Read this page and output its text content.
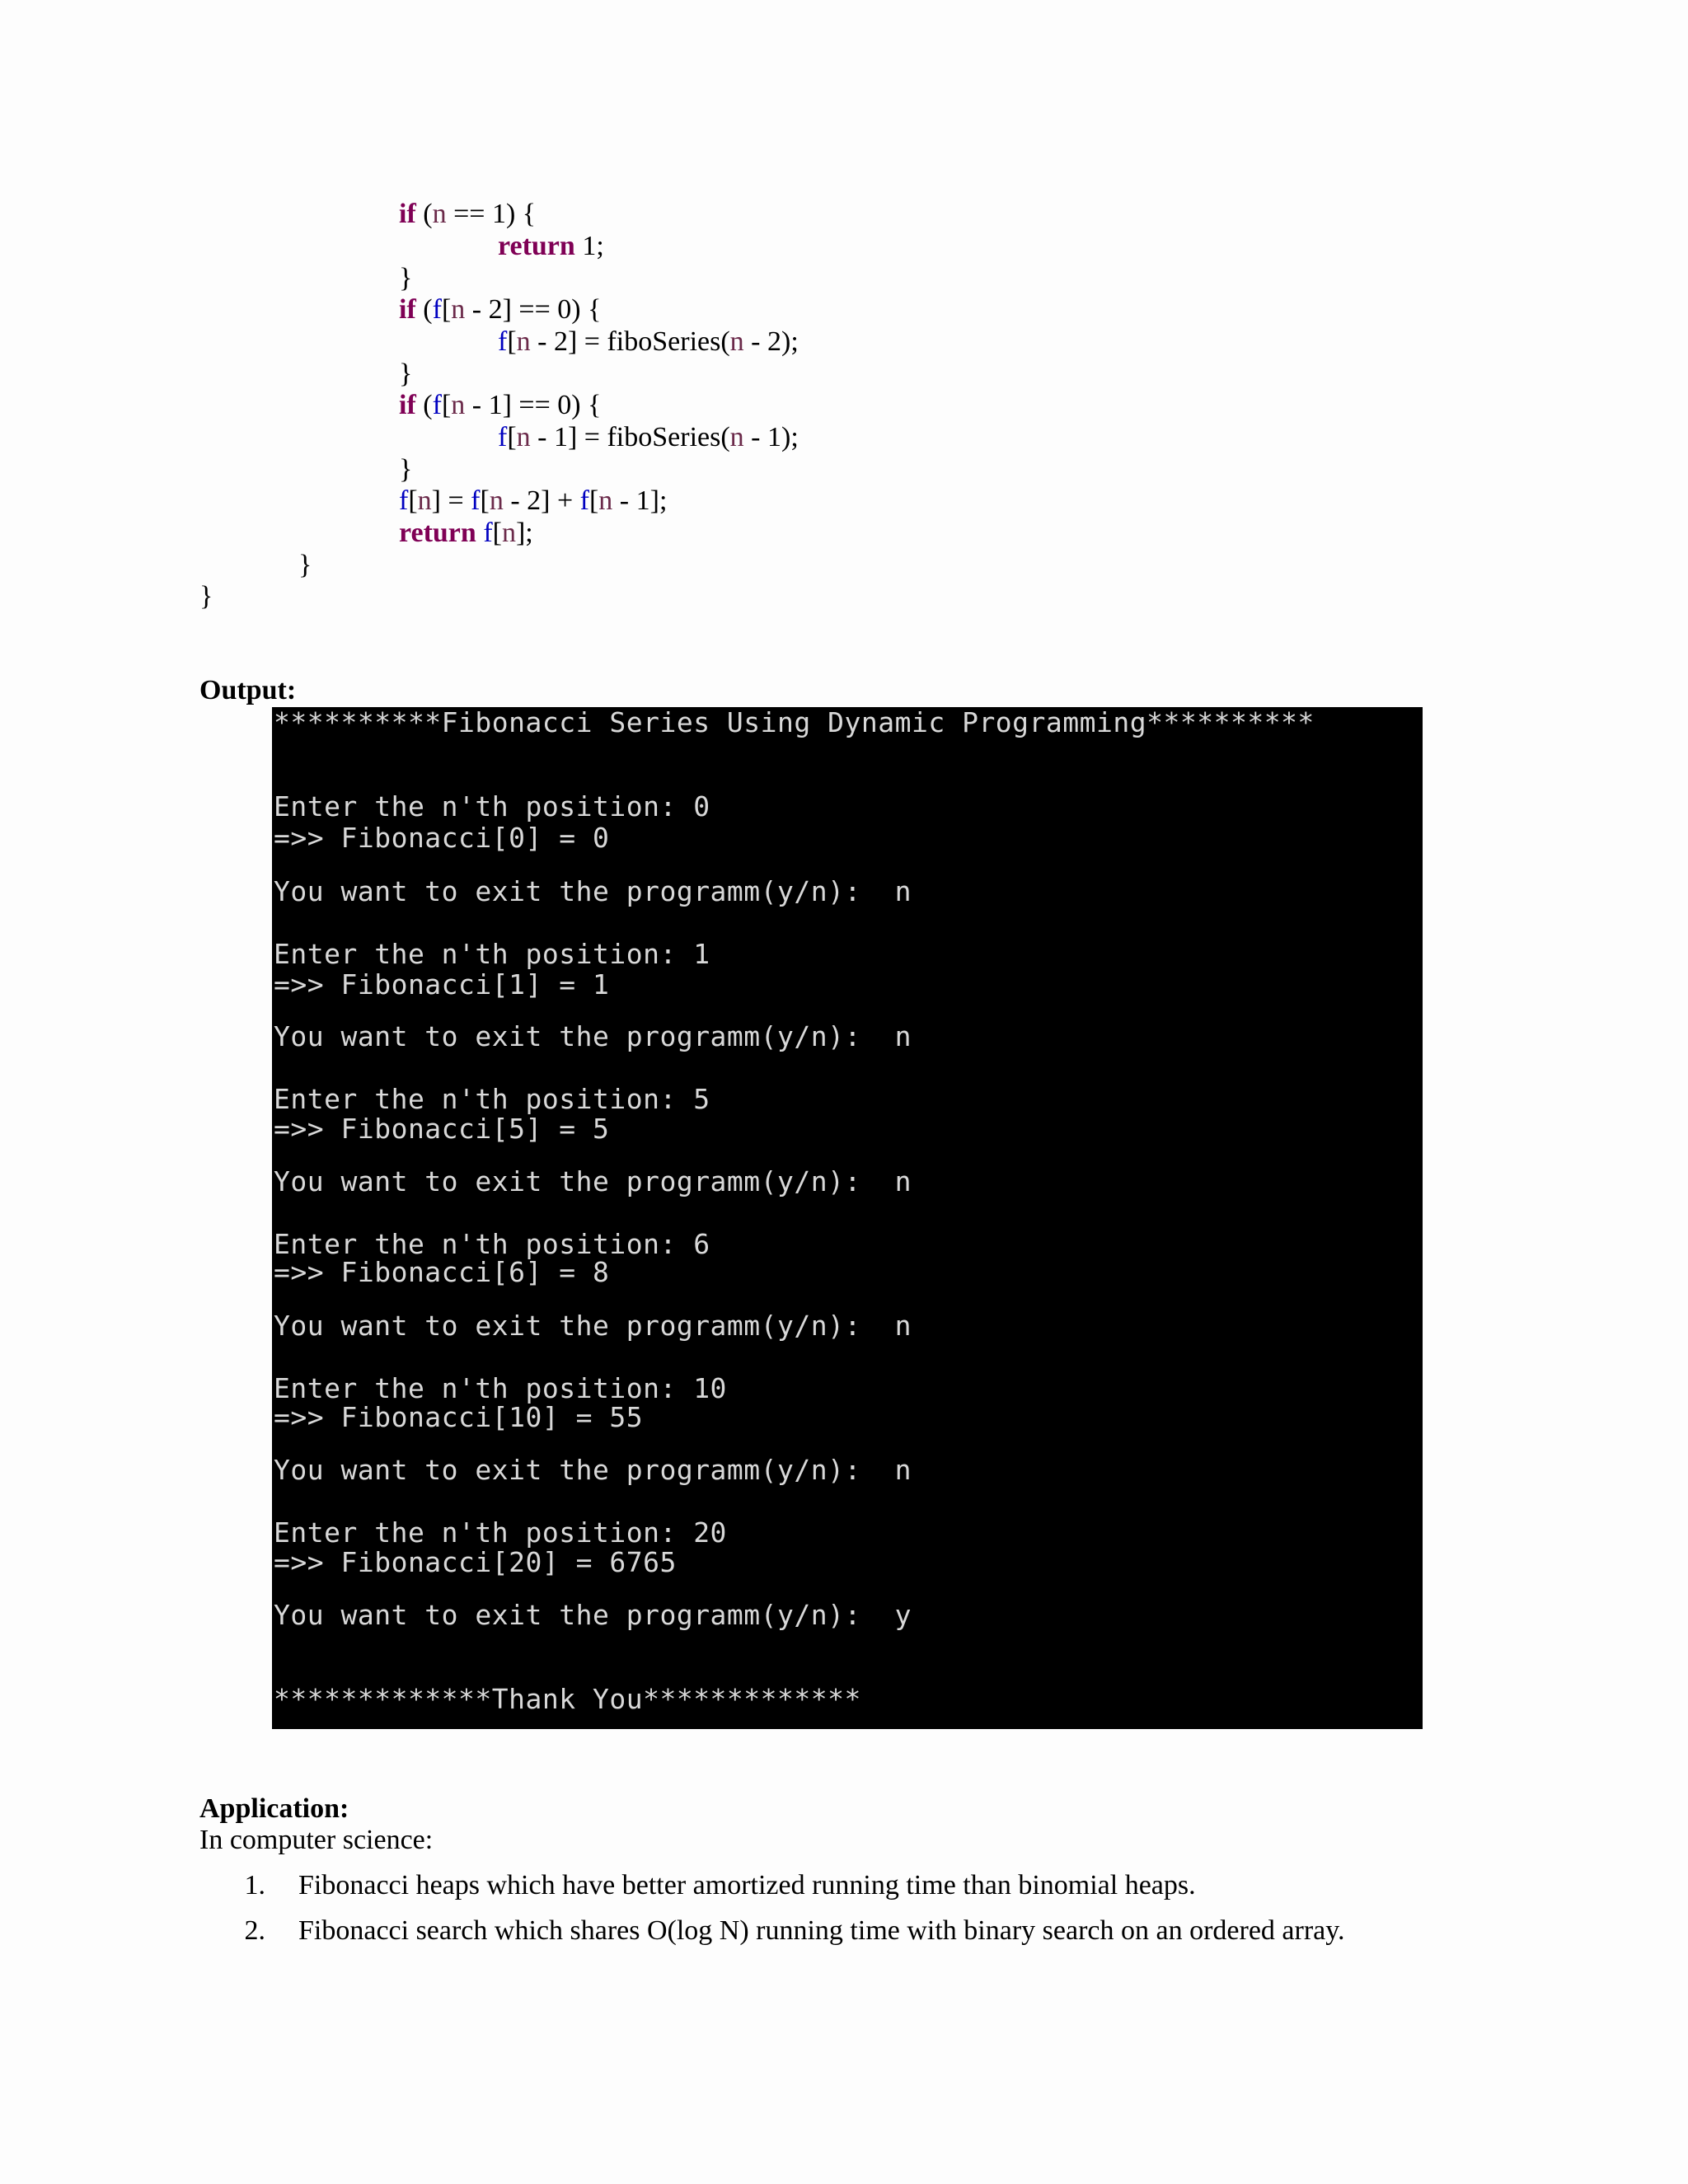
if (n == 1) {
return 1;
}
if (f[n - 2] == 0) {
f[n - 2] = fiboSeries(n - 2);
}
if (f[n - 1] == 0) {
f[n - 1] = fiboSeries(n - 1);
}
f[n] = f[n - 2] + f[n - 1];
return f[n];
}
}
Output:
**********Fibonacci Series Using Dynamic Programming**********
Enter the n'th position: 0
=>> Fibonacci[0] = 0
You want to exit the programm(y/n):  n
Enter the n'th position: 1
=>> Fibonacci[1] = 1
You want to exit the programm(y/n):  n
Enter the n'th position: 5
=>> Fibonacci[5] = 5
You want to exit the programm(y/n):  n
Enter the n'th position: 6
=>> Fibonacci[6] = 8
You want to exit the programm(y/n):  n
Enter the n'th position: 10
=>> Fibonacci[10] = 55
You want to exit the programm(y/n):  n
Enter the n'th position: 20
=>> Fibonacci[20] = 6765
You want to exit the programm(y/n):  y
*************Thank You*************
Application:
In computer science:
1. Fibonacci heaps which have better amortized running time than binomial heaps.
2. Fibonacci search which shares O(log N) running time with binary search on an ordered array.
